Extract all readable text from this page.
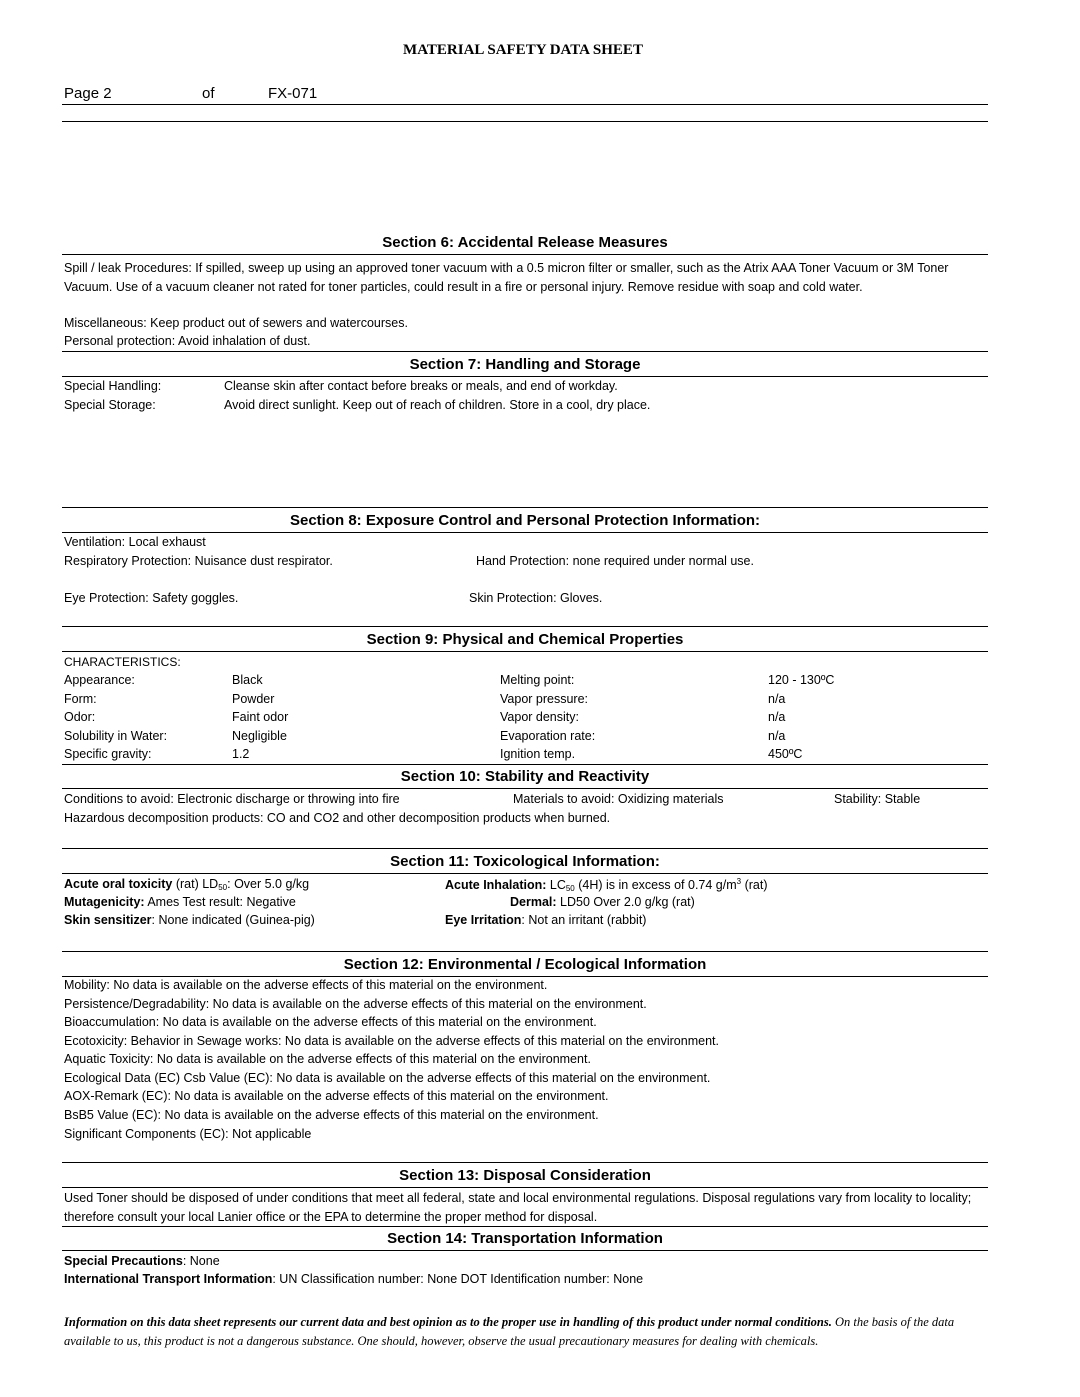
MATERIAL SAFETY DATA SHEET
Page 2	of	FX-071
Section 6: Accidental Release Measures
Spill / leak Procedures: If spilled, sweep up using an approved toner vacuum with a 0.5 micron filter or smaller, such as the Atrix AAA Toner Vacuum or 3M Toner Vacuum. Use of a vacuum cleaner not rated for toner particles, could result in a fire or personal injury. Remove residue with soap and cold water.
Miscellaneous: Keep product out of sewers and watercourses.
Personal protection: Avoid inhalation of dust.
Section 7: Handling and Storage
Special Handling:	Cleanse skin after contact before breaks or meals, and end of workday.
Special Storage:	Avoid direct sunlight. Keep out of reach of children. Store in a cool, dry place.
Section 8: Exposure Control and Personal Protection Information:
Ventilation: Local exhaust
Respiratory Protection: Nuisance dust respirator.	Hand Protection: none required under normal use.
Eye Protection: Safety goggles.	Skin Protection: Gloves.
Section 9: Physical and Chemical Properties
CHARACTERISTICS:
Appearance:	Black	Melting point:	120 - 130ºC
Form:	Powder	Vapor pressure:	n/a
Odor:	Faint odor	Vapor density:	n/a
Solubility in Water:	Negligible	Evaporation rate:	n/a
Specific gravity:	1.2	Ignition temp.	450ºC
Section 10: Stability and Reactivity
Conditions to avoid: Electronic discharge or throwing into fire	Materials to avoid: Oxidizing materials	Stability: Stable
Hazardous decomposition products: CO and CO2 and other decomposition products when burned.
Section 11: Toxicological Information:
Acute oral toxicity (rat) $LD_{50}$: Over 5.0 g/kg	Acute Inhalation: $LC_{50}$ (4H) is in excess of 0.74 $g/m^3$ (rat)
Mutagenicity: Ames Test result: Negative	Dermal: LD50 Over 2.0 g/kg (rat)
Skin sensitizer: None indicated (Guinea-pig)	Eye Irritation: Not an irritant (rabbit)
Section 12: Environmental / Ecological Information
Mobility: No data is available on the adverse effects of this material on the environment.
Persistence/Degradability: No data is available on the adverse effects of this material on the environment.
Bioaccumulation: No data is available on the adverse effects of this material on the environment.
Ecotoxicity: Behavior in Sewage works: No data is available on the adverse effects of this material on the environment.
Aquatic Toxicity: No data is available on the adverse effects of this material on the environment.
Ecological Data (EC) Csb Value (EC): No data is available on the adverse effects of this material on the environment.
AOX-Remark (EC): No data is available on the adverse effects of this material on the environment.
BsB5 Value (EC): No data is available on the adverse effects of this material on the environment.
Significant Components (EC): Not applicable
Section 13: Disposal Consideration
Used Toner should be disposed of under conditions that meet all federal, state and local environmental regulations. Disposal regulations vary from locality to locality; therefore consult your local Lanier office or the EPA to determine the proper method for disposal.
Section 14: Transportation Information
Special Precautions: None
International Transport Information: UN Classification number: None DOT Identification number: None
Information on this data sheet represents our current data and best opinion as to the proper use in handling of this product under normal conditions. On the basis of the data available to us, this product is not a dangerous substance. One should, however, observe the usual precautionary measures for dealing with chemicals.
